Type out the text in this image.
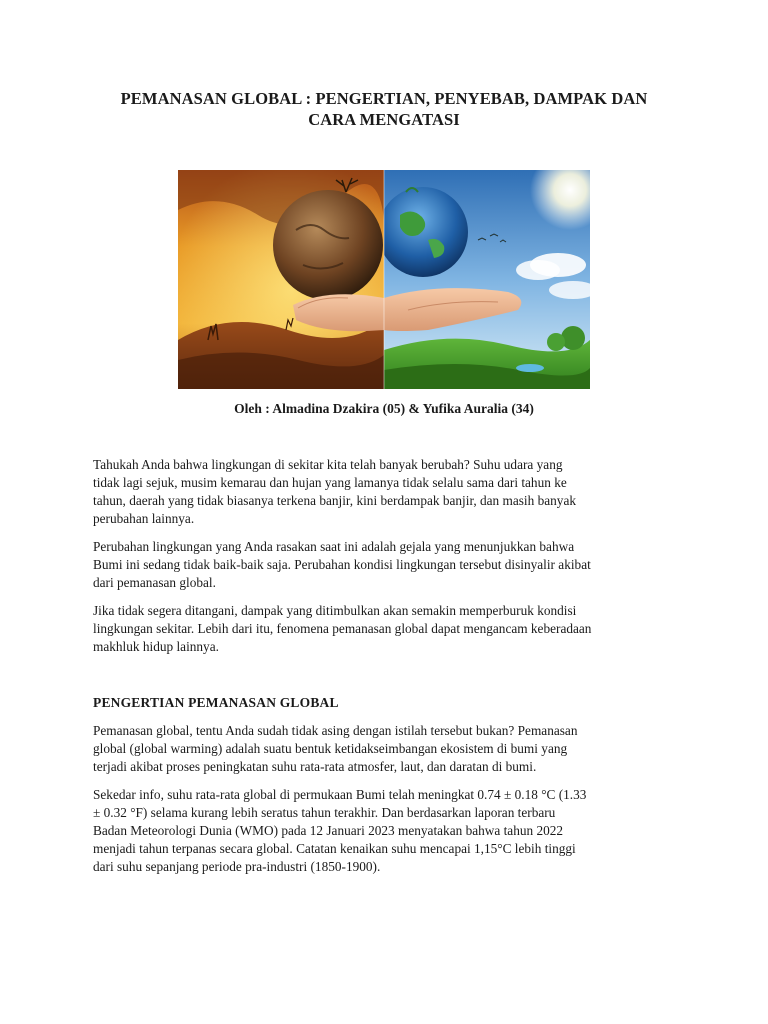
PEMANASAN GLOBAL : PENGERTIAN, PENYEBAB, DAMPAK DAN
CARA MENGATASI
Oleh : Almadina Dzakira (05) & Yufika Auralia (34)

Tahukah Anda bahwa lingkungan di sekitar kita telah banyak berubah? Suhu udara yang
tidak lagi sejuk, musim kemarau dan hujan yang lamanya tidak selalu sama dari tahun ke
tahun, daerah yang tidak biasanya terkena banjir, kini berdampak banjir, dan masih banyak
perubahan lainnya.

Perubahan lingkungan yang Anda rasakan saat ini adalah gejala yang menunjukkan bahwa
Bumi ini sedang tidak baik-baik saja. Perubahan kondisi lingkungan tersebut disinyalir akibat
dari pemanasan global.

Jika tidak segera ditangani, dampak yang ditimbulkan akan semakin memperburuk kondisi
lingkungan sekitar. Lebih dari itu, fenomena pemanasan global dapat mengancam keberadaan
makhluk hidup lainnya.

PENGERTIAN PEMANASAN GLOBAL

Pemanasan global, tentu Anda sudah tidak asing dengan istilah tersebut bukan? Pemanasan
global (global warming) adalah suatu bentuk ketidakseimbangan ekosistem di bumi yang
terjadi akibat proses peningkatan suhu rata-rata atmosfer, laut, dan daratan di bumi.

Sekedar info, suhu rata-rata global di permukaan Bumi telah meningkat 0.74 ± 0.18 °C (1.33
± 0.32 °F) selama kurang lebih seratus tahun terakhir. Dan berdasarkan laporan terbaru
Badan Meteorologi Dunia (WMO) pada 12 Januari 2023 menyatakan bahwa tahun 2022
menjadi tahun terpanas secara global. Catatan kenaikan suhu mencapai 1,15°C lebih tinggi
dari suhu sepanjang periode pra-industri (1850-1900).
